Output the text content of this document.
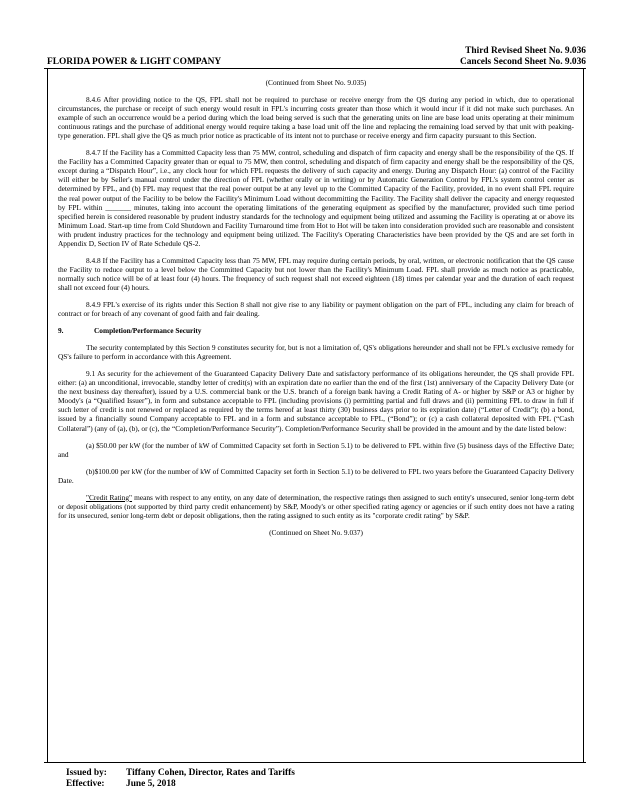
Third Revised Sheet No. 9.036
Cancels Second Sheet No. 9.036
FLORIDA POWER & LIGHT COMPANY

(Continued from Sheet No. 9.035)

8.4.6 After providing notice to the QS, FPL shall not be required to purchase or receive energy from the QS during any period in which, due to operational circumstances, the purchase or receipt of such energy would result in FPL's incurring costs greater than those which it would incur if it did not make such purchases. An example of such an occurrence would be a period during which the load being served is such that the generating units on line are base load units operating at their minimum continuous ratings and the purchase of additional energy would require taking a base load unit off the line and replacing the remaining load served by that unit with peaking-type generation. FPL shall give the QS as much prior notice as practicable of its intent not to purchase or receive energy and firm capacity pursuant to this Section.

8.4.7 If the Facility has a Committed Capacity less than 75 MW, control, scheduling and dispatch of firm capacity and energy shall be the responsibility of the QS. If the Facility has a Committed Capacity greater than or equal to 75 MW, then control, scheduling and dispatch of firm capacity and energy shall be the responsibility of the QS, except during a “Dispatch Hour”, i.e., any clock hour for which FPL requests the delivery of such capacity and energy. During any Dispatch Hour: (a) control of the Facility will either be by Seller's manual control under the direction of FPL (whether orally or in writing) or by Automatic Generation Control by FPL's system control center as determined by FPL, and (b) FPL may request that the real power output be at any level up to the Committed Capacity of the Facility, provided, in no event shall FPL require the real power output of the Facility to be below the Facility's Minimum Load without decommitting the Facility. The Facility shall deliver the capacity and energy requested by FPL within _______ minutes, taking into account the operating limitations of the generating equipment as specified by the manufacturer, provided such time period specified herein is considered reasonable by prudent industry standards for the technology and equipment being utilized and assuming the Facility is operating at or above its Minimum Load. Start-up time from Cold Shutdown and Facility Turnaround time from Hot to Hot will be taken into consideration provided such are reasonable and consistent with prudent industry practices for the technology and equipment being utilized. The Facility's Operating Characteristics have been provided by the QS and are set forth in Appendix D, Section IV of Rate Schedule QS-2.

8.4.8 If the Facility has a Committed Capacity less than 75 MW, FPL may require during certain periods, by oral, written, or electronic notification that the QS cause the Facility to reduce output to a level below the Committed Capacity but not lower than the Facility's Minimum Load. FPL shall provide as much notice as practicable, normally such notice will be of at least four (4) hours. The frequency of such request shall not exceed eighteen (18) times per calendar year and the duration of each request shall not exceed four (4) hours.

8.4.9 FPL's exercise of its rights under this Section 8 shall not give rise to any liability or payment obligation on the part of FPL, including any claim for breach of contract or for breach of any covenant of good faith and fair dealing.

9.	Completion/Performance Security

The security contemplated by this Section 9 constitutes security for, but is not a limitation of, QS's obligations hereunder and shall not be FPL's exclusive remedy for QS's failure to perform in accordance with this Agreement.

9.1 As security for the achievement of the Guaranteed Capacity Delivery Date and satisfactory performance of its obligations hereunder, the QS shall provide FPL either: (a) an unconditional, irrevocable, standby letter of credit(s) with an expiration date no earlier than the end of the first (1st) anniversary of the Capacity Delivery Date (or the next business day thereafter), issued by a U.S. commercial bank or the U.S. branch of a foreign bank having a Credit Rating of A- or higher by S&P or A3 or higher by Moody's (a “Qualified Issuer”), in form and substance acceptable to FPL (including provisions (i) permitting partial and full draws and (ii) permitting FPL to draw in full if such letter of credit is not renewed or replaced as required by the terms hereof at least thirty (30) business days prior to its expiration date) (“Letter of Credit”); (b) a bond, issued by a financially sound Company acceptable to FPL and in a form and substance acceptable to FPL, (“Bond”); or (c) a cash collateral deposited with FPL (“Cash Collateral”) (any of (a), (b), or (c), the “Completion/Performance Security”). Completion/Performance Security shall be provided in the amount and by the date listed below:

(a) $50.00 per kW (for the number of kW of Committed Capacity set forth in Section 5.1) to be delivered to FPL within five (5) business days of the Effective Date; and

(b)$100.00 per kW (for the number of kW of Committed Capacity set forth in Section 5.1) to be delivered to FPL two years before the Guaranteed Capacity Delivery Date.

"Credit Rating" means with respect to any entity, on any date of determination, the respective ratings then assigned to such entity's unsecured, senior long-term debt or deposit obligations (not supported by third party credit enhancement) by S&P, Moody's or other specified rating agency or agencies or if such entity does not have a rating for its unsecured, senior long-term debt or deposit obligations, then the rating assigned to such entity as its "corporate credit rating" by S&P.

(Continued on Sheet No. 9.037)

Issued by: Tiffany Cohen, Director, Rates and Tariffs
Effective: June 5, 2018
